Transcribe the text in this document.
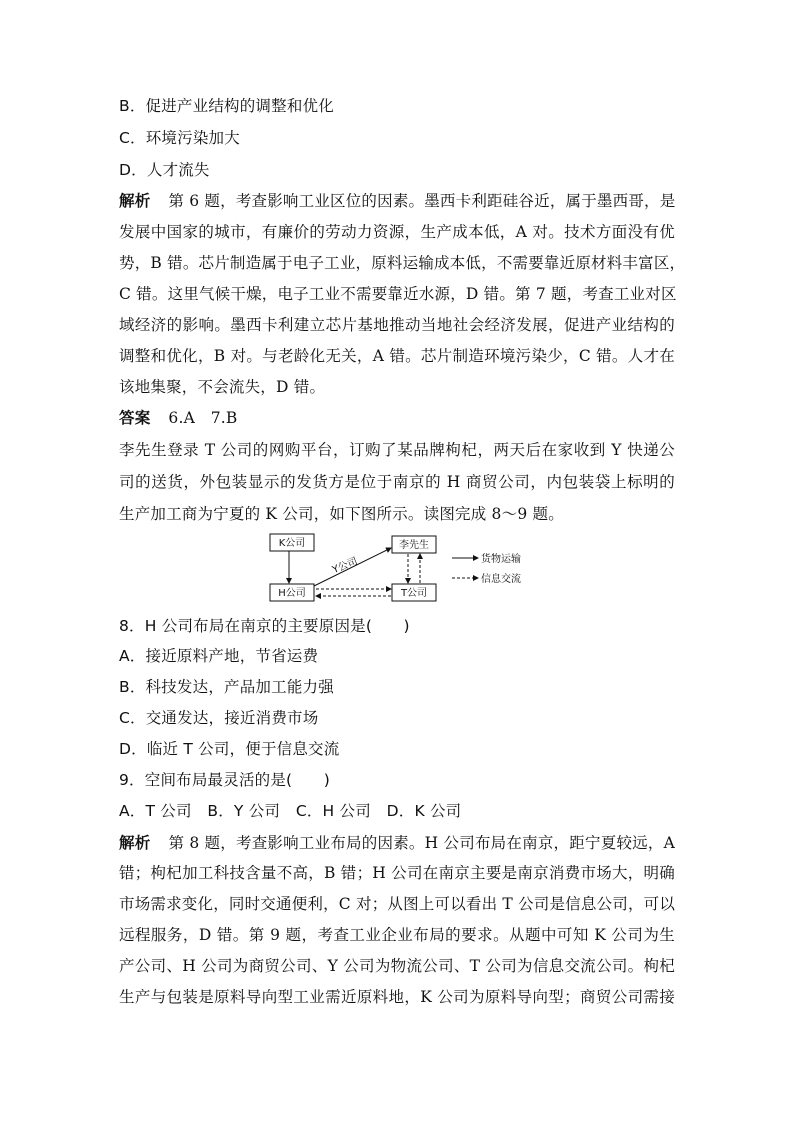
B．促进产业结构的调整和优化
C．环境污染加大
D．人才流失
解析 第 6 题，考查影响工业区位的因素。墨西卡利距硅谷近，属于墨西哥，是
发展中国家的城市，有廉价的劳动力资源，生产成本低，A 对。技术方面没有优
势，B 错。芯片制造属于电子工业，原料运输成本低，不需要靠近原材料丰富区，
C 错。这里气候干燥，电子工业不需要靠近水源，D 错。第 7 题，考查工业对区
域经济的影响。墨西卡利建立芯片基地推动当地社会经济发展，促进产业结构的
调整和优化，B 对。与老龄化无关，A 错。芯片制造环境污染少，C 错。人才在
该地集聚，不会流失，D 错。
答案 6.A　7.B
李先生登录 T 公司的网购平台，订购了某品牌枸杞，两天后在家收到 Y 快递公
司的送货，外包装显示的发货方是位于南京的 H 商贸公司，内包装袋上标明的
生产加工商为宁夏的 K 公司，如下图所示。读图完成 8～9 题。
K公司
H公司
李先生
T公司
Y公司	货物运输
信息交流
8．H 公司布局在南京的主要原因是(　　)
A．接近原料产地，节省运费
B．科技发达，产品加工能力强
C．交通发达，接近消费市场
D．临近 T 公司，便于信息交流
9．空间布局最灵活的是(　　)
A．T 公司　B．Y 公司　C．H 公司　D．K 公司
解析 第 8 题，考查影响工业布局的因素。H 公司布局在南京，距宁夏较远，A
错；枸杞加工科技含量不高，B 错；H 公司在南京主要是南京消费市场大，明确
市场需求变化，同时交通便利，C 对；从图上可以看出 T 公司是信息公司，可以
远程服务，D 错。第 9 题，考查工业企业布局的要求。从题中可知 K 公司为生
产公司、H 公司为商贸公司、Y 公司为物流公司、T 公司为信息交流公司。枸杞
生产与包装是原料导向型工业需近原料地，K 公司为原料导向型；商贸公司需接
